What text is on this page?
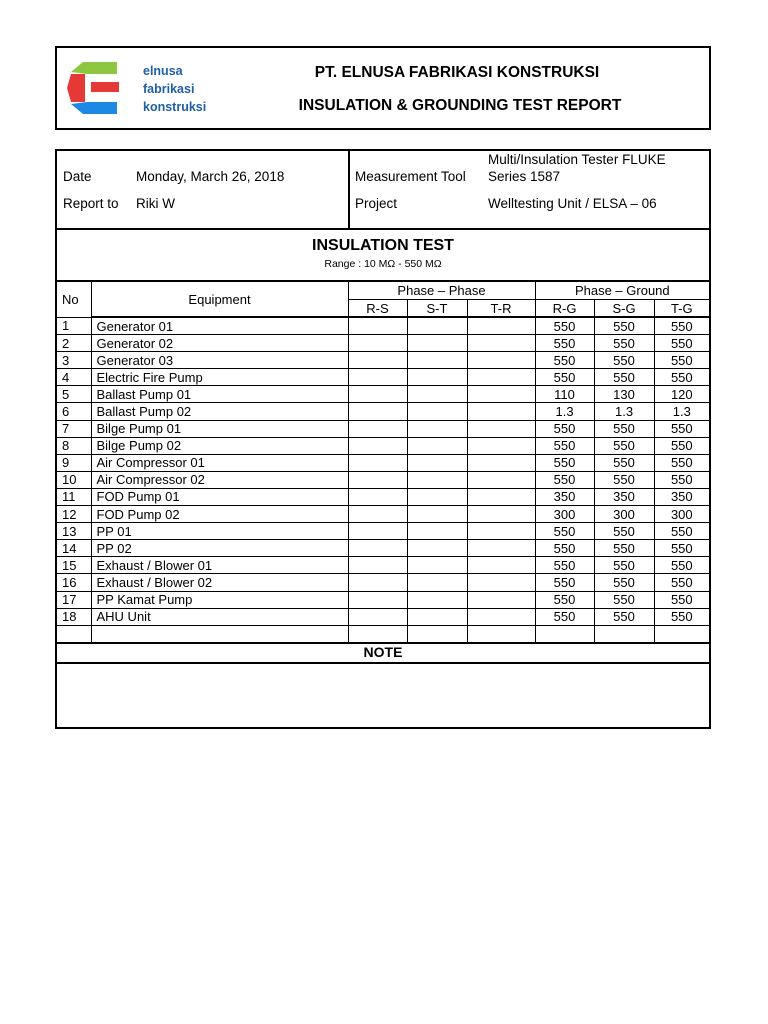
elnusa
fabrikasi
konstruksi
PT. ELNUSA FABRIKASI KONSTRUKSI
INSULATION & GROUNDING TEST REPORT
Date	Monday, March 26, 2018
Report to Riki W
Measurement Tool
Multi/Insulation Tester FLUKE
Series 1587
Project	Welltesting Unit / ELSA – 06
INSULATION TEST
Range : 10 MΩ - 550 MΩ
No	Equipment	Phase – Phase			Phase – Ground		
		R-S	S-T	T-R	R-G	S-G	T-G
1	Generator 01				550	550	550
2	Generator 02				550	550	550
3	Generator 03				550	550	550
4	Electric Fire Pump				550	550	550
5	Ballast Pump 01				110	130	120
6	Ballast Pump 02				1.3	1.3	1.3
7	Bilge Pump 01				550	550	550
8	Bilge Pump 02				550	550	550
9	Air Compressor 01				550	550	550
10	Air Compressor 02				550	550	550
11	FOD Pump 01				350	350	350
12	FOD Pump 02				300	300	300
13	PP 01				550	550	550
14	PP 02				550	550	550
15	Exhaust / Blower 01				550	550	550
16	Exhaust / Blower 02				550	550	550
17	PP Kamat Pump				550	550	550
18	AHU Unit				550	550	550

NOTE
